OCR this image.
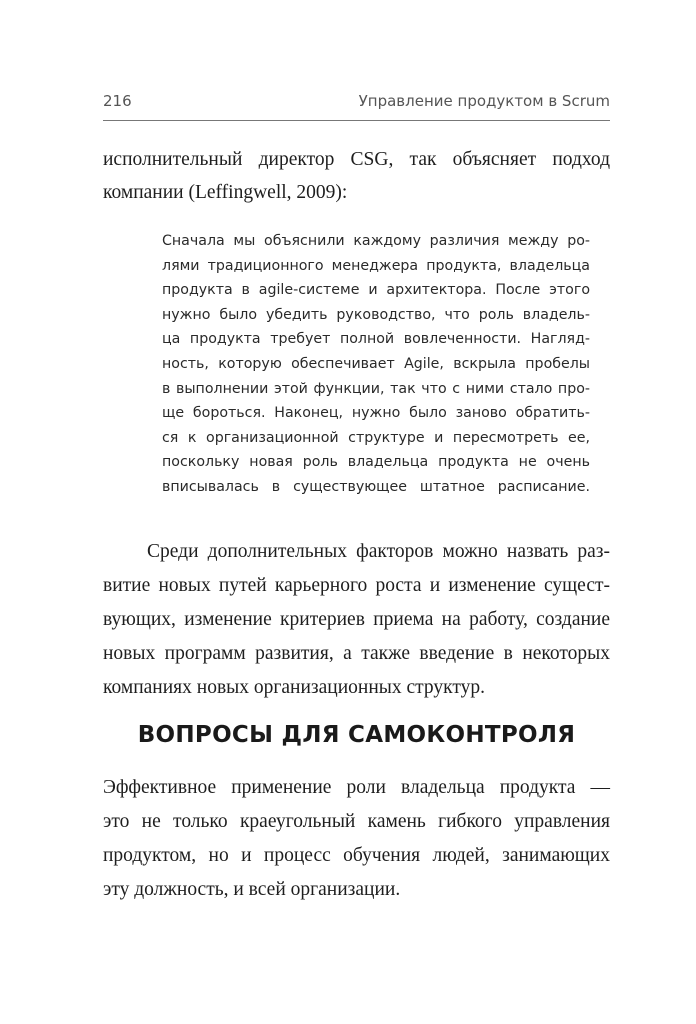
216	Управление продуктом в Scrum
исполнительный директор CSG, так объясняет подход
компании (Leffingwell, 2009):
Сначала мы объяснили каждому различия между ро-
лями традиционного менеджера продукта, владельца
продукта в agile-системе и архитектора. После этого
нужно было убедить руководство, что роль владель-
ца продукта требует полной вовлеченности. Нагляд-
ность, которую обеспечивает Agile, вскрыла пробелы
в выполнении этой функции, так что с ними стало про-
ще бороться. Наконец, нужно было заново обратить-
ся к организационной структуре и пересмотреть ее,
поскольку новая роль владельца продукта не очень
вписывалась в существующее штатное расписание.
Среди дополнительных факторов можно назвать раз-
витие новых путей карьерного роста и изменение сущест-
вующих, изменение критериев приема на работу, создание
новых программ развития, а также введение в некоторых
компаниях новых организационных структур.
ВОПРОСЫ ДЛЯ САМОКОНТРОЛЯ
Эффективное применение роли владельца продукта —
это не только краеугольный камень гибкого управления
продуктом, но и процесс обучения людей, занимающих
эту должность, и всей организации.
